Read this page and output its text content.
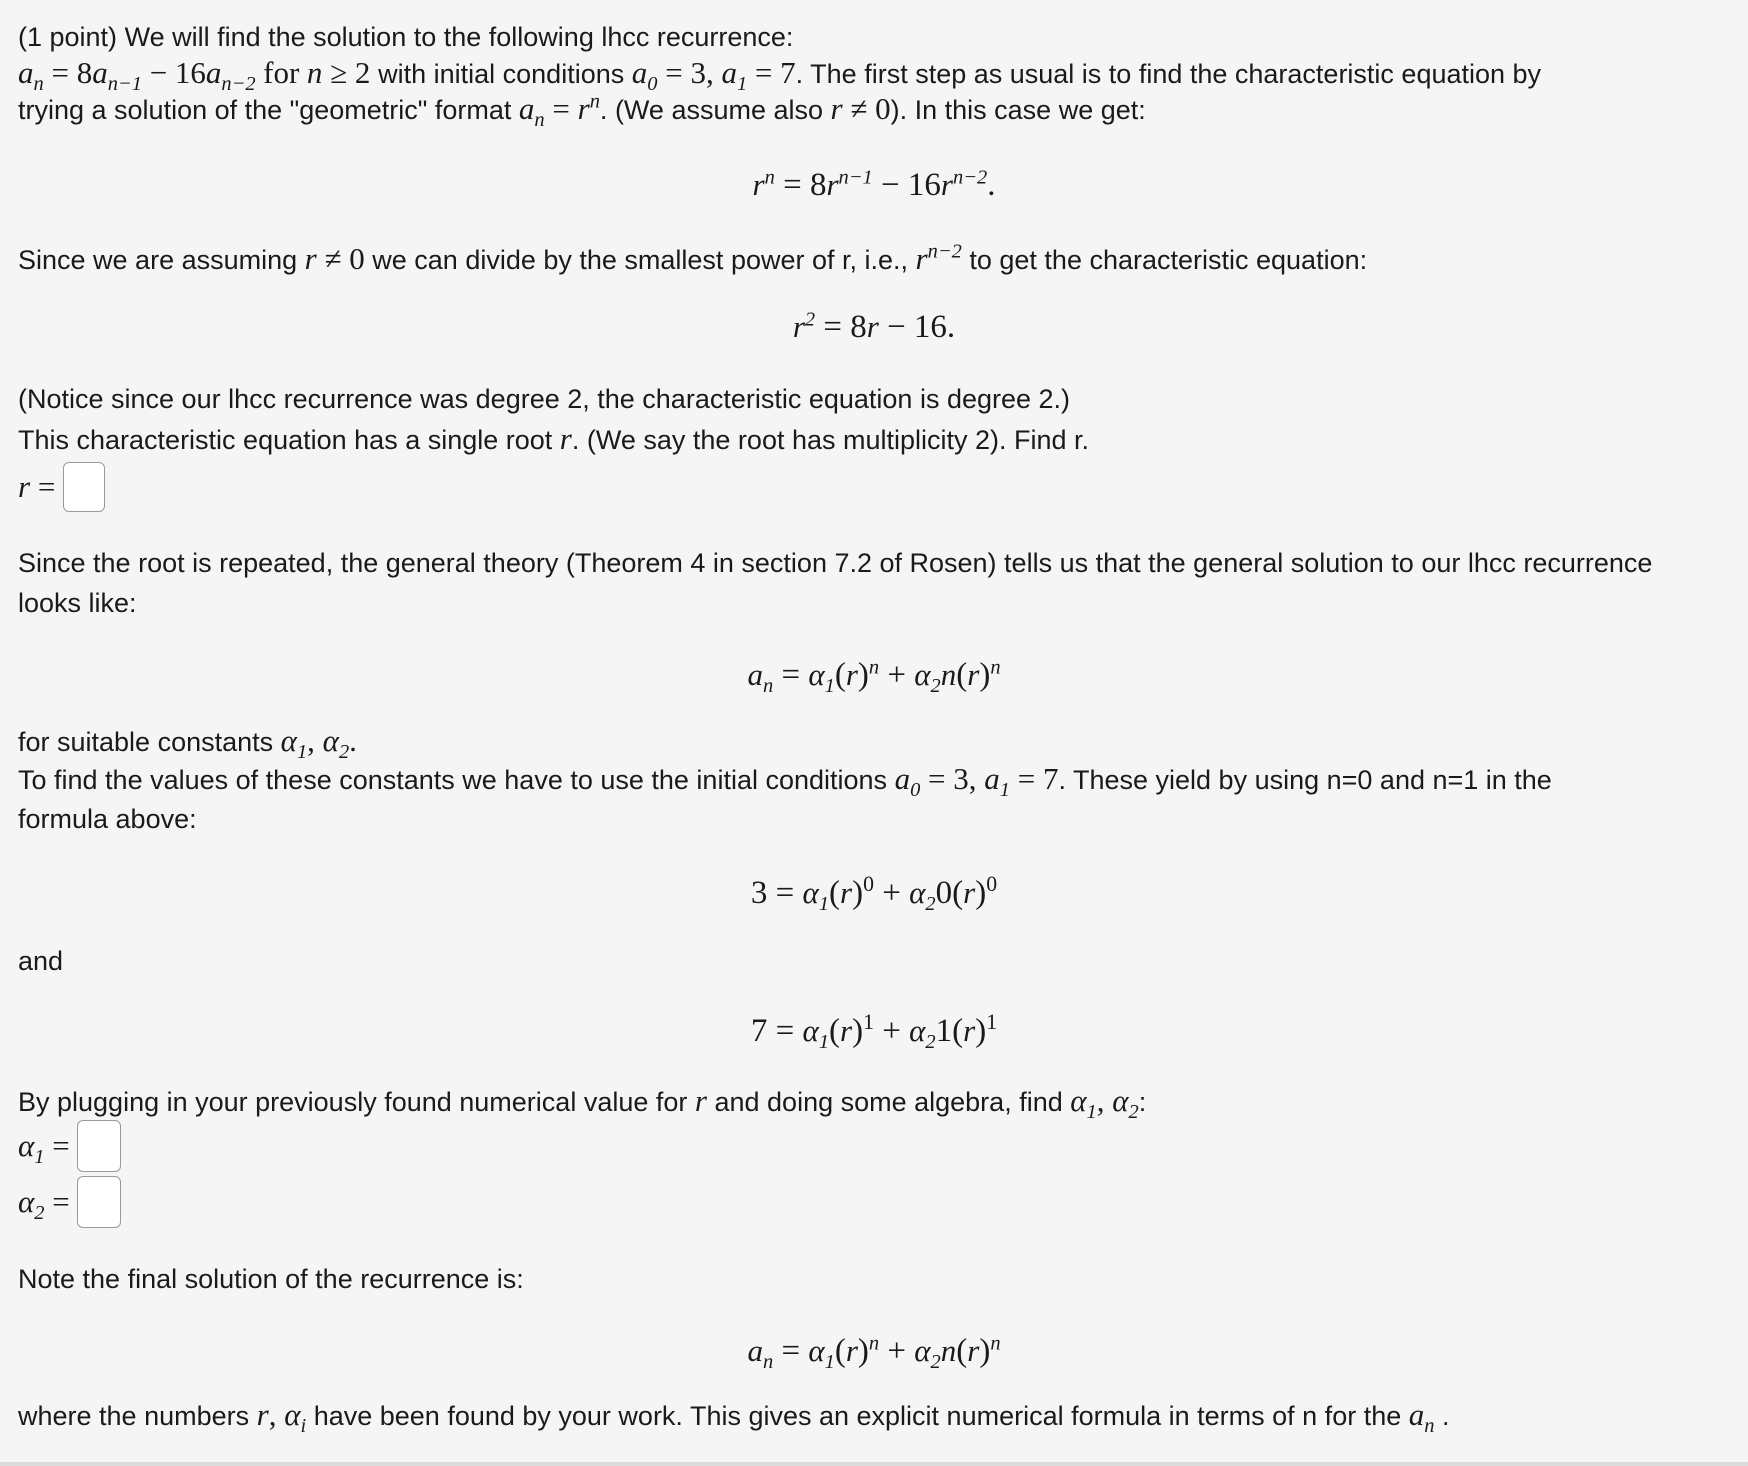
(1 point) We will find the solution to the following lhcc recurrence:
$a_n = 8a_{n-1} - 16a_{n-2}$ for n ≥ 2 with initial conditions $a_0 = 3$, $a_1 = 7$. The first step as usual is to find the characteristic equation by
trying a solution of the "geometric" format $a_n = r^n$. (We assume also r ≠ 0). In this case we get:
$r^n = 8r^{n-1} - 16r^{n-2}$.
Since we are assuming r ≠ 0 we can divide by the smallest power of r, i.e., $r^{n-2}$ to get the characteristic equation:
$r^2 = 8r - 16$.
(Notice since our lhcc recurrence was degree 2, the characteristic equation is degree 2.)
This characteristic equation has a single root r. (We say the root has multiplicity 2). Find r.
r =
Since the root is repeated, the general theory (Theorem 4 in section 7.2 of Rosen) tells us that the general solution to our lhcc recurrence
looks like:
$a_n = \alpha_1(r)^n + \alpha_2n(r)^n$
for suitable constants $\alpha_1$, $\alpha_2$.
To find the values of these constants we have to use the initial conditions $a_0 = 3$, $a_1 = 7$. These yield by using n=0 and n=1 in the
formula above:
$3 = \alpha_1(r)^0 + \alpha_20(r)^0$
and
$7 = \alpha_1(r)^1 + \alpha_21(r)^1$
By plugging in your previously found numerical value for r and doing some algebra, find $\alpha_1$, $\alpha_2$:
$\alpha_1$ =
$\alpha_2$ =
Note the final solution of the recurrence is:
$a_n = \alpha_1(r)^n + \alpha_2n(r)^n$
where the numbers r, $\alpha_i$ have been found by your work. This gives an explicit numerical formula in terms of n for the $a_n$ .
